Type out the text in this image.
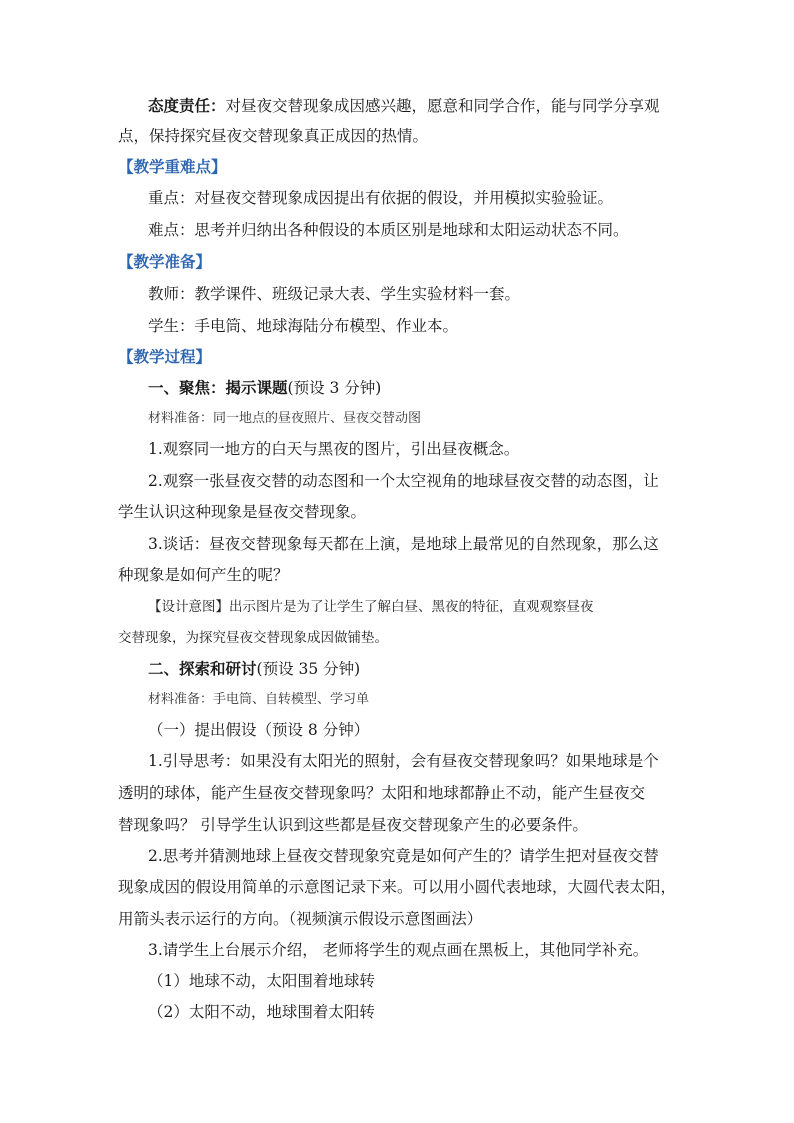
态度责任：对昼夜交替现象成因感兴趣，愿意和同学合作，能与同学分享观
点，保持探究昼夜交替现象真正成因的热情。
【教学重难点】
重点：对昼夜交替现象成因提出有依据的假设，并用模拟实验验证。
难点：思考并归纳出各种假设的本质区别是地球和太阳运动状态不同。
【教学准备】
教师：教学课件、班级记录大表、学生实验材料一套。
学生：手电筒、地球海陆分布模型、作业本。
【教学过程】
一、聚焦：揭示课题(预设 3 分钟)
材料准备：同一地点的昼夜照片、昼夜交替动图
1.观察同一地方的白天与黑夜的图片，引出昼夜概念。
2.观察一张昼夜交替的动态图和一个太空视角的地球昼夜交替的动态图，让
学生认识这种现象是昼夜交替现象。
3.谈话：昼夜交替现象每天都在上演，是地球上最常见的自然现象，那么这
种现象是如何产生的呢？
【设计意图】出示图片是为了让学生了解白昼、黑夜的特征，直观观察昼夜
交替现象，为探究昼夜交替现象成因做铺垫。
二、探索和研讨(预设 35 分钟)
材料准备：手电筒、自转模型、学习单
（一）提出假设（预设 8 分钟）
1.引导思考：如果没有太阳光的照射，会有昼夜交替现象吗？如果地球是个
透明的球体，能产生昼夜交替现象吗？太阳和地球都静止不动，能产生昼夜交
替现象吗？ 引导学生认识到这些都是昼夜交替现象产生的必要条件。
2.思考并猜测地球上昼夜交替现象究竟是如何产生的？请学生把对昼夜交替
现象成因的假设用简单的示意图记录下来。可以用小圆代表地球，大圆代表太阳，
用箭头表示运行的方向。（视频演示假设示意图画法）
3.请学生上台展示介绍， 老师将学生的观点画在黑板上，其他同学补充。
（1）地球不动，太阳围着地球转
（2）太阳不动，地球围着太阳转
